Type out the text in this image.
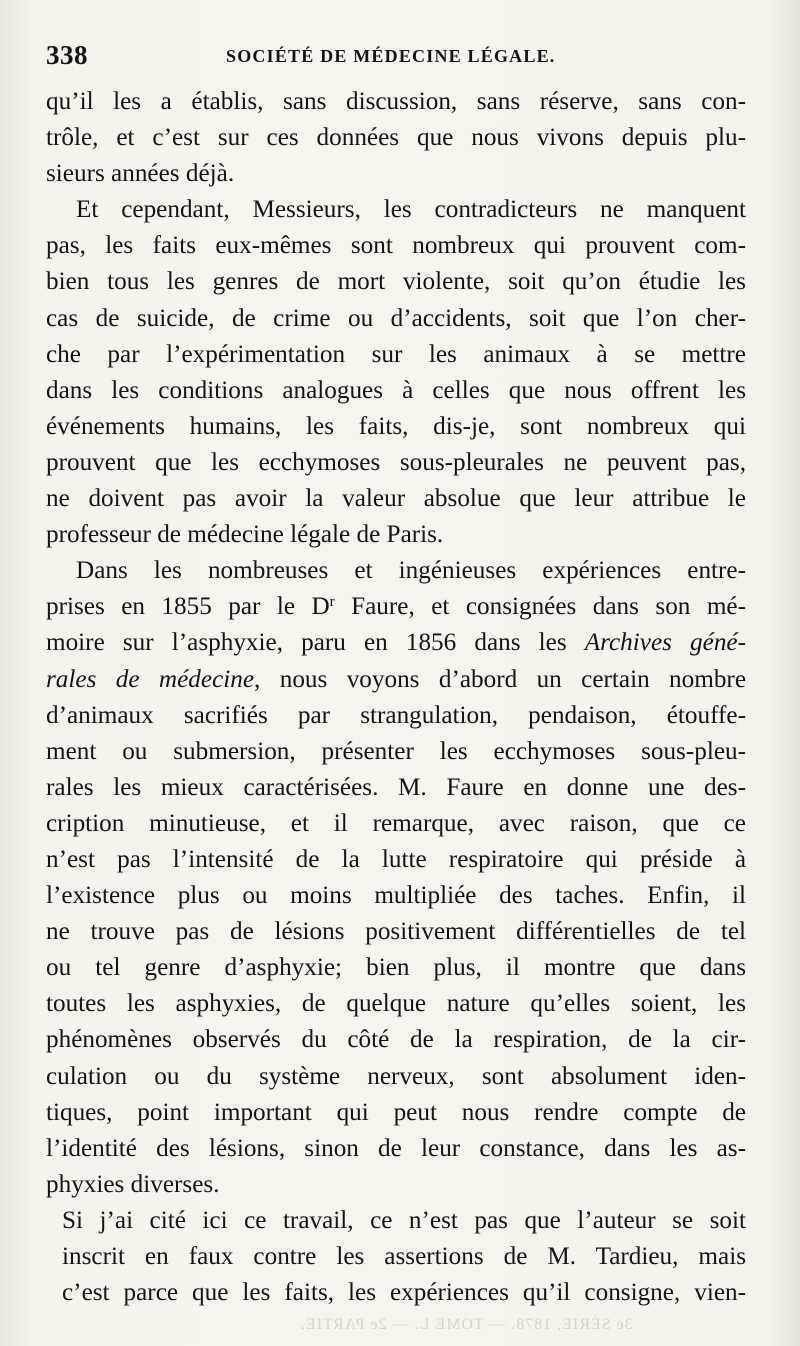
338	SOCIÉTÉ DE MÉDECINE LÉGALE.
qu’il les a établis, sans discussion, sans réserve, sans con-
trôle, et c’est sur ces données que nous vivons depuis plu-
sieurs années déjà.
Et cependant, Messieurs, les contradicteurs ne manquent
pas, les faits eux-mêmes sont nombreux qui prouvent com-
bien tous les genres de mort violente, soit qu’on étudie les
cas de suicide, de crime ou d’accidents, soit que l’on cher-
che par l’expérimentation sur les animaux à se mettre
dans les conditions analogues à celles que nous offrent les
événements humains, les faits, dis-je, sont nombreux qui
prouvent que les ecchymoses sous-pleurales ne peuvent pas,
ne doivent pas avoir la valeur absolue que leur attribue le
professeur de médecine légale de Paris.
Dans les nombreuses et ingénieuses expériences entre-
prises en 1855 par le $D^r$ Faure, et consignées dans son mé-
moire sur l’asphyxie, paru en 1856 dans les Archives géné-
rales de médecine, nous voyons d’abord un certain nombre
d’animaux sacrifiés par strangulation, pendaison, étouffe-
ment ou submersion, présenter les ecchymoses sous-pleu-
rales les mieux caractérisées. M. Faure en donne une des-
cription minutieuse, et il remarque, avec raison, que ce
n’est pas l’intensité de la lutte respiratoire qui préside à
l’existence plus ou moins multipliée des taches. Enfin, il
ne trouve pas de lésions positivement différentielles de tel
ou tel genre d’asphyxie; bien plus, il montre que dans
toutes les asphyxies, de quelque nature qu’elles soient, les
phénomènes observés du côté de la respiration, de la cir-
culation ou du système nerveux, sont absolument iden-
tiques, point important qui peut nous rendre compte de
l’identité des lésions, sinon de leur constance, dans les as-
phyxies diverses.
Si j’ai cité ici ce travail, ce n’est pas que l’auteur se soit
inscrit en faux contre les assertions de M. Tardieu, mais
c’est parce que les faits, les expériences qu’il consigne, vien-
3e SÉRIE, 1878. — TOME L. — 2e PARTIE.
